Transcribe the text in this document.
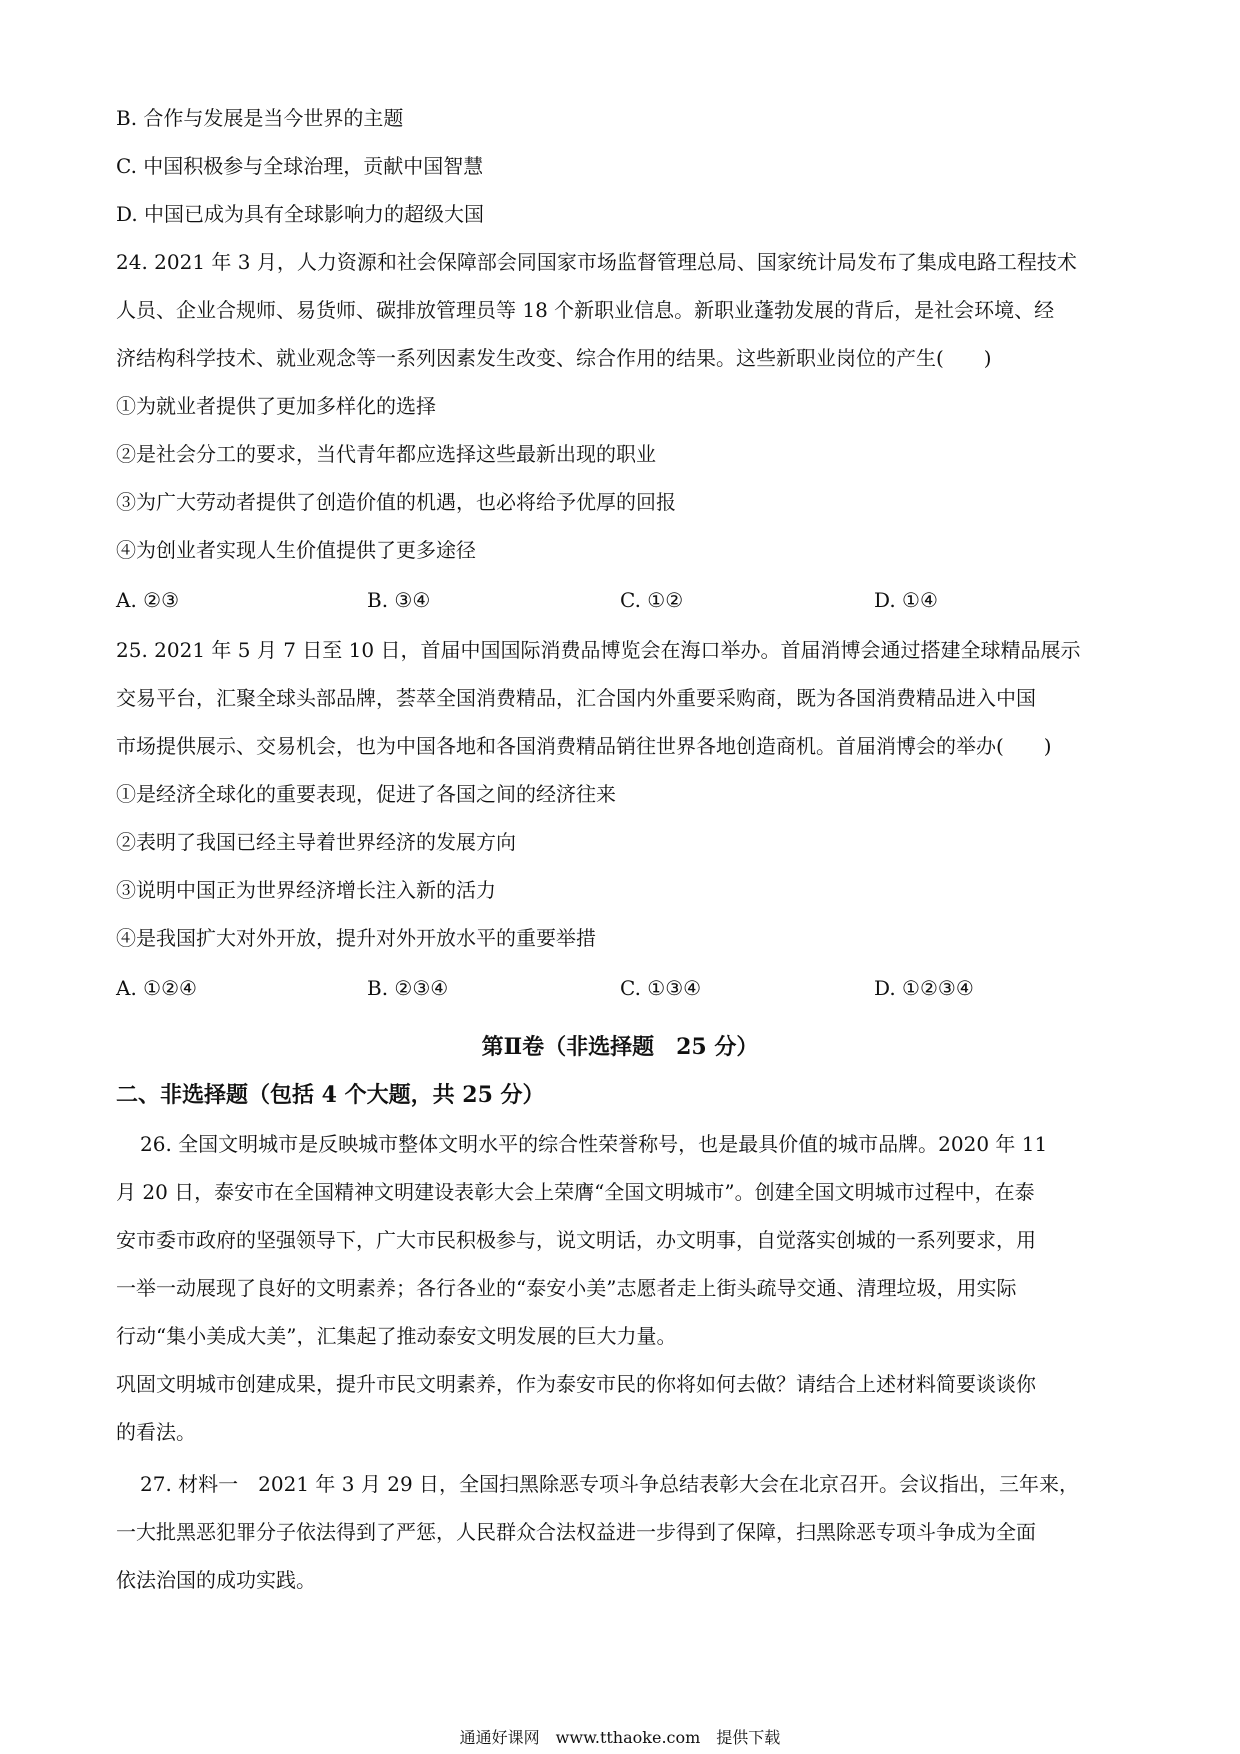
B. 合作与发展是当今世界的主题
C. 中国积极参与全球治理，贡献中国智慧
D. 中国已成为具有全球影响力的超级大国
24. 2021 年 3 月，人力资源和社会保障部会同国家市场监督管理总局、国家统计局发布了集成电路工程技术
人员、企业合规师、易货师、碳排放管理员等 18 个新职业信息。新职业蓬勃发展的背后，是社会环境、经
济结构科学技术、就业观念等一系列因素发生改变、综合作用的结果。这些新职业岗位的产生(　　)
①为就业者提供了更加多样化的选择
②是社会分工的要求，当代青年都应选择这些最新出现的职业
③为广大劳动者提供了创造价值的机遇，也必将给予优厚的回报
④为创业者实现人生价值提供了更多途径
A. ②③	B. ③④	C. ①②	D. ①④
25. 2021 年 5 月 7 日至 10 日，首届中国国际消费品博览会在海口举办。首届消博会通过搭建全球精品展示
交易平台，汇聚全球头部品牌，荟萃全国消费精品，汇合国内外重要采购商，既为各国消费精品进入中国
市场提供展示、交易机会，也为中国各地和各国消费精品销往世界各地创造商机。首届消博会的举办(　　)
①是经济全球化的重要表现，促进了各国之间的经济往来
②表明了我国已经主导着世界经济的发展方向
③说明中国正为世界经济增长注入新的活力
④是我国扩大对外开放，提升对外开放水平的重要举措
A. ①②④	B. ②③④	C. ①③④	D. ①②③④
第Ⅱ卷（非选择题　25 分）
二、非选择题（包括 4 个大题，共 25 分）
26. 全国文明城市是反映城市整体文明水平的综合性荣誉称号，也是最具价值的城市品牌。2020 年 11
月 20 日，泰安市在全国精神文明建设表彰大会上荣膺“全国文明城市”。创建全国文明城市过程中，在泰
安市委市政府的坚强领导下，广大市民积极参与，说文明话，办文明事，自觉落实创城的一系列要求，用
一举一动展现了良好的文明素养；各行各业的“泰安小美”志愿者走上街头疏导交通、清理垃圾，用实际
行动“集小美成大美”，汇集起了推动泰安文明发展的巨大力量。
巩固文明城市创建成果，提升市民文明素养，作为泰安市民的你将如何去做？请结合上述材料简要谈谈你
的看法。
27. 材料一　2021 年 3 月 29 日，全国扫黑除恶专项斗争总结表彰大会在北京召开。会议指出，三年来，
一大批黑恶犯罪分子依法得到了严惩，人民群众合法权益进一步得到了保障，扫黑除恶专项斗争成为全面
依法治国的成功实践。
通通好课网　www.tthaoke.com　提供下载
